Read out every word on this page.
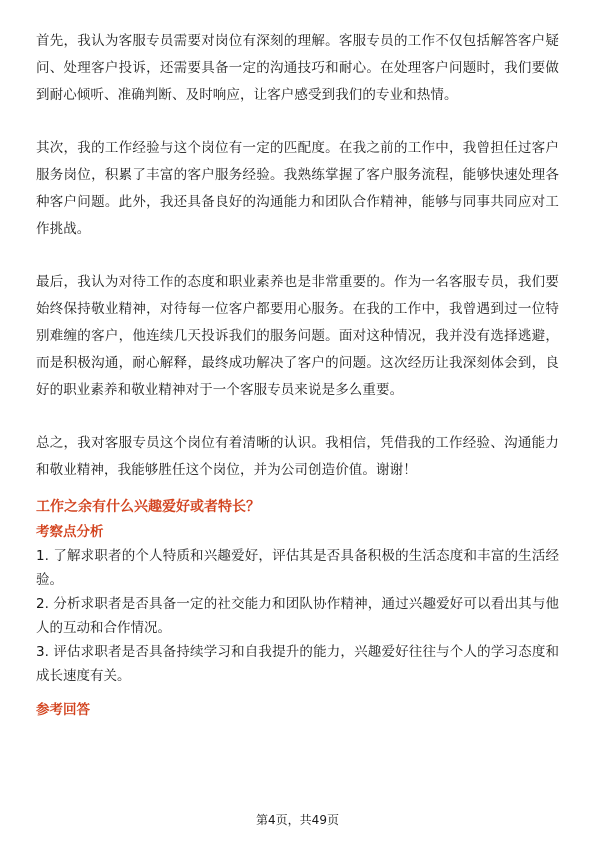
首先，我认为客服专员需要对岗位有深刻的理解。客服专员的工作不仅包括解答客户疑问、处理客户投诉，还需要具备一定的沟通技巧和耐心。在处理客户问题时，我们要做到耐心倾听、准确判断、及时响应，让客户感受到我们的专业和热情。

其次，我的工作经验与这个岗位有一定的匹配度。在我之前的工作中，我曾担任过客户服务岗位，积累了丰富的客户服务经验。我熟练掌握了客户服务流程，能够快速处理各种客户问题。此外，我还具备良好的沟通能力和团队合作精神，能够与同事共同应对工作挑战。

最后，我认为对待工作的态度和职业素养也是非常重要的。作为一名客服专员，我们要始终保持敬业精神，对待每一位客户都要用心服务。在我的工作中，我曾遇到过一位特别难缠的客户，他连续几天投诉我们的服务问题。面对这种情况，我并没有选择逃避，而是积极沟通，耐心解释，最终成功解决了客户的问题。这次经历让我深刻体会到，良好的职业素养和敬业精神对于一个客服专员来说是多么重要。

总之，我对客服专员这个岗位有着清晰的认识。我相信，凭借我的工作经验、沟通能力和敬业精神，我能够胜任这个岗位，并为公司创造价值。谢谢！

工作之余有什么兴趣爱好或者特长？

考察点分析

1. 了解求职者的个人特质和兴趣爱好，评估其是否具备积极的生活态度和丰富的生活经验。

2. 分析求职者是否具备一定的社交能力和团队协作精神，通过兴趣爱好可以看出其与他人的互动和合作情况。

3. 评估求职者是否具备持续学习和自我提升的能力，兴趣爱好往往与个人的学习态度和成长速度有关。

参考回答

第4页，共49页
